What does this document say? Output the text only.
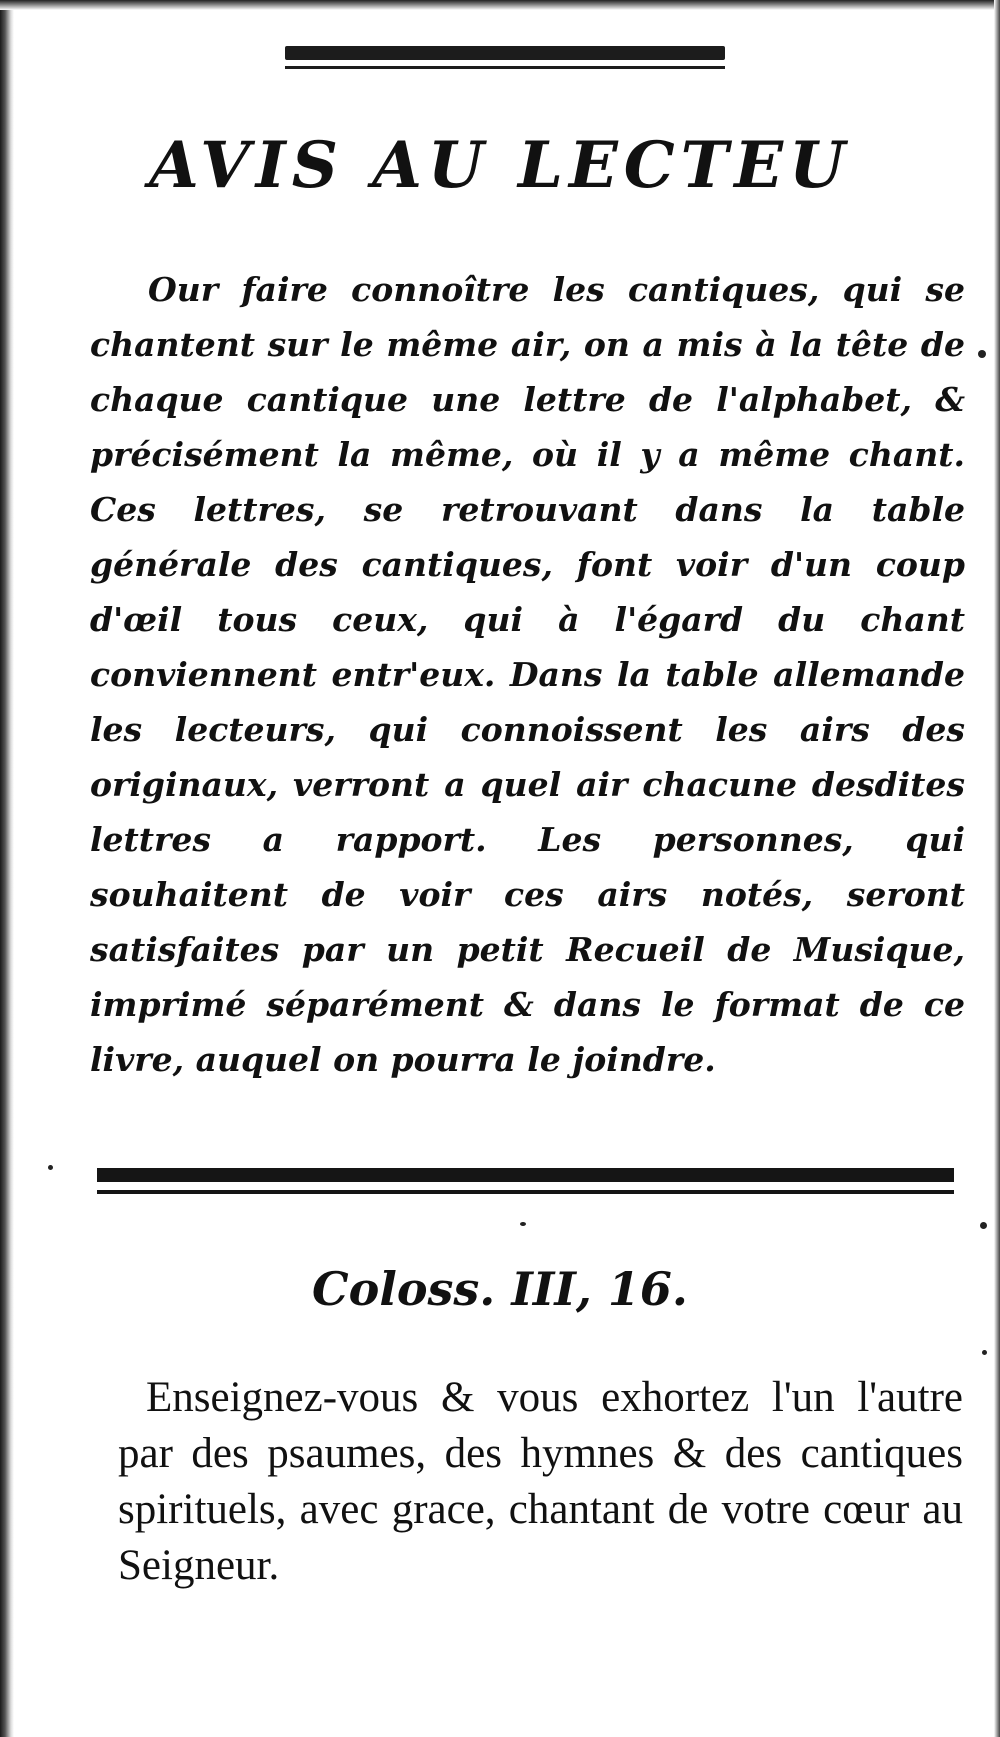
AVIS AU LECTEU

Our faire connoître les cantiques, qui se chantent sur le même air, on a mis à la tête de chaque cantique une lettre de l'alphabet, & précisément la même, où il y a même chant. Ces lettres, se retrouvant dans la table générale des cantiques, font voir d'un coup d'œil tous ceux, qui à l'égard du chant conviennent entr'eux. Dans la table allemande les lecteurs, qui connoissent les airs des originaux, verront a quel air chacune desdites lettres a rapport. Les personnes, qui souhaitent de voir ces airs notés, seront satisfaites par un petit Recueil de Musique, imprimé séparément & dans le format de ce livre, auquel on pourra le joindre.

Coloss. III, 16.

Enseignez-vous & vous exhortez l'un l'autre par des psaumes, des hymnes & des cantiques spirituels, avec grace, chantant de votre cœur au Seigneur.
